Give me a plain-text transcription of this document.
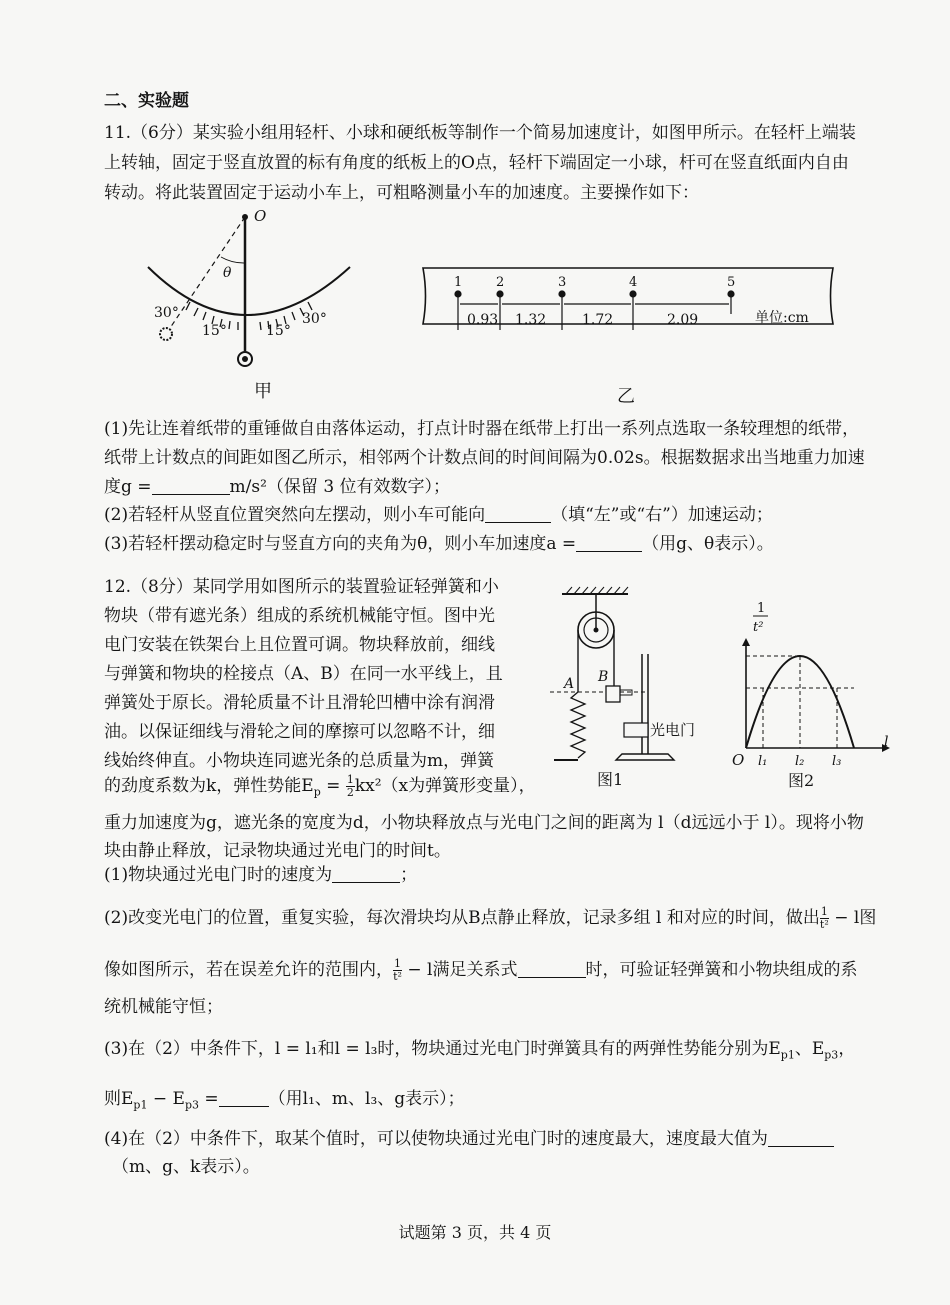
二、实验题
11.（6分）某实验小组用轻杆、小球和硬纸板等制作一个简易加速度计，如图甲所示。在轻杆上端装
上转轴，固定于竖直放置的标有角度的纸板上的O点，轻杆下端固定一小球，杆可在竖直纸面内自由
转动。将此装置固定于运动小车上，可粗略测量小车的加速度。主要操作如下：
O
θ
30°
15°	15°
30°
甲
1	2	3	4	5
0.93 1.32	1.72	2.09	单位:cm
乙
(1)先让连着纸带的重锤做自由落体运动，打点计时器在纸带上打出一系列点选取一条较理想的纸带，
纸带上计数点的间距如图乙所示，相邻两个计数点间的时间间隔为0.02s。根据数据求出当地重力加速
度g =	m/s²（保留 3 位有效数字）；
(2)若轻杆从竖直位置突然向左摆动，则小车可能向	（填“左”或“右”）加速运动；
(3)若轻杆摆动稳定时与竖直方向的夹角为θ，则小车加速度a =	（用g、θ表示）。
12.（8分）某同学用如图所示的装置验证轻弹簧和小
物块（带有遮光条）组成的系统机械能守恒。图中光
电门安装在铁架台上且位置可调。物块释放前，细线
与弹簧和物块的栓接点（A、B）在同一水平线上，且
弹簧处于原长。滑轮质量不计且滑轮凹槽中涂有润滑
油。以保证细线与滑轮之间的摩擦可以忽略不计，细
线始终伸直。小物块连同遮光条的总质量为m，弹簧
的劲度系数为k，弹性势能$E_p = \frac{1}{2} kx^2(x$为弹簧形变量），
A B
光电门
图1
1
t²
O l₁ l₂ l₃
l
图2
重力加速度为g，遮光条的宽度为d，小物块释放点与光电门之间的距离为 l（d远远小于 l）。现将小物
块由静止释放，记录物块通过光电门的时间t。
(1)物块通过光电门时的速度为	；
(2)改变光电门的位置，重复实验，每次滑块均从B点静止释放，记录多组 l 和对应的时间，做出 $\frac{1}{\text{t²}} - l$图
像如图所示，若在误差允许的范围内， $\frac{1}{\text{t²}} - l$满足关系式	时，可验证轻弹簧和小物块组成的系
统机械能守恒；
(3)在（2）中条件下，l = l₁和l = l₃时，物块通过光电门时弹簧具有的两弹性势能分别为$E_{p1}$、$E_{p3}$，
则$E_{p1} - E_{p3}$ =	（用l₁、m、l₃、g表示）；
(4)在（2）中条件下，取某个值时，可以使物块通过光电门时的速度最大，速度最大值为
（m、g、k表示）。
试题第 3 页，共 4 页
